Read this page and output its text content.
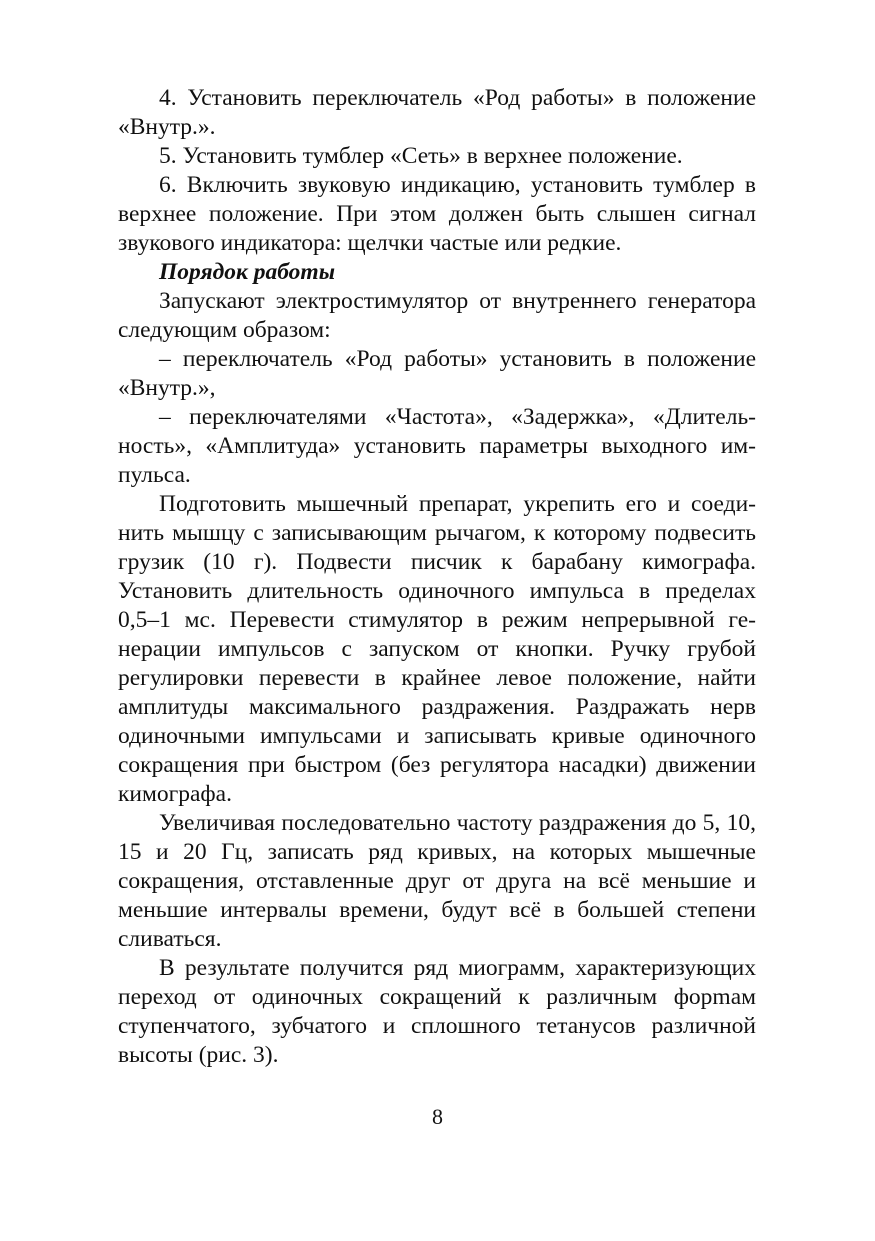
4. Установить переключатель «Род работы» в положение «Внутр.».

5. Установить тумблер «Сеть» в верхнее положение.

6. Включить звуковую индикацию, установить тумблер в верхнее положение. При этом должен быть слышен сигнал звукового индикатора: щелчки частые или редкие.

Порядок работы

Запускают электростимулятор от внутреннего генератора следующим образом:

– переключатель «Род работы» установить в положение «Внутр.»,

– переключателями «Частота», «Задержка», «Длительность», «Амплитуда» установить параметры выходного импульса.

Подготовить мышечный препарат, укрепить его и соединить мышцу с записывающим рычагом, к которому подвесить грузик (10 г). Подвести писчик к барабану кимографа. Установить длительность одиночного импульса в пределах 0,5–1 мс. Перевести стимулятор в режим непрерывной генерации импульсов с запуском от кнопки. Ручку грубой регулировки перевести в крайнее левое положение, найти амплитуды максимального раздражения. Раздражать нерв одиночными импульсами и записывать кривые одиночного сокращения при быстром (без регулятора насадки) движении кимографа.

Увеличивая последовательно частоту раздражения до 5, 10, 15 и 20 Гц, записать ряд кривых, на которых мышечные сокращения, отставленные друг от друга на всё меньшие и меньшие интервалы времени, будут всё в большей степени сливаться.

В результате получится ряд миограмм, характеризующих переход от одиночных сокращений к различным форmам ступенчатого, зубчатого и сплошного тетанусов различной высоты (рис. 3).

8
